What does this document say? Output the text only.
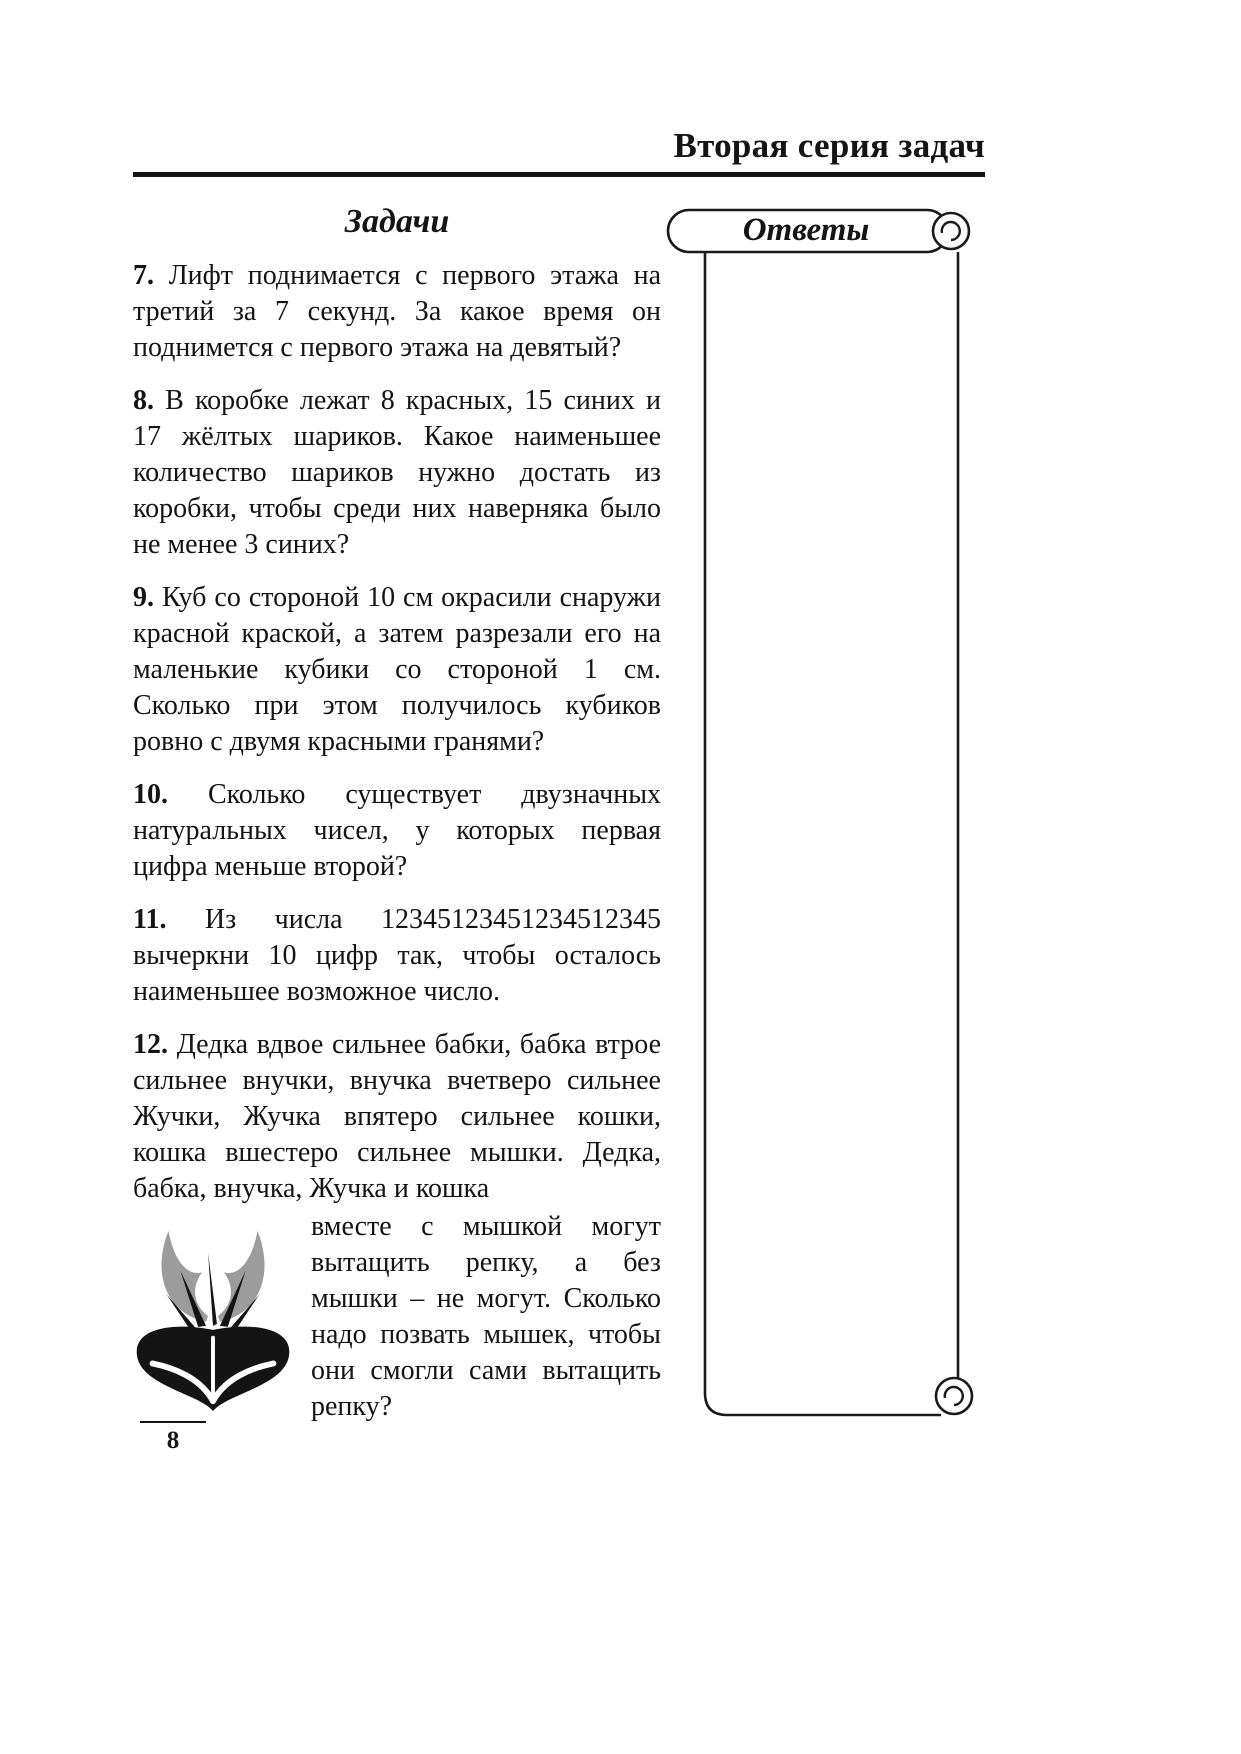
Вторая серия задач
Задачи	Ответы

7. Лифт поднимается с первого этажа на третий за 7 секунд. За какое время он поднимется с первого этажа на девятый?

8. В коробке лежат 8 красных, 15 синих и 17 жёлтых шариков. Какое наименьшее количество шариков нужно достать из коробки, чтобы среди них наверняка было не менее 3 синих?

9. Куб со стороной 10 см окрасили снаружи красной краской, а затем разрезали его на маленькие кубики со стороной 1 см. Сколько при этом получилось кубиков ровно с двумя красными гранями?

10. Сколько существует двузначных натуральных чисел, у которых первая цифра меньше второй?

11. Из числа 12345123451234512345 вычеркни 10 цифр так, чтобы осталось наименьшее возможное число.

12. Дедка вдвое сильнее бабки, бабка втрое сильнее внучки, внучка вчетверо сильнее Жучки, Жучка впятеро сильнее кошки, кошка вшестеро сильнее мышки. Дедка, бабка, внучка, Жучка и кошка

вместе с мышкой могут вытащить репку, а без мышки – не могут. Сколько надо позвать мышек, чтобы они смогли сами вытащить репку?

8
